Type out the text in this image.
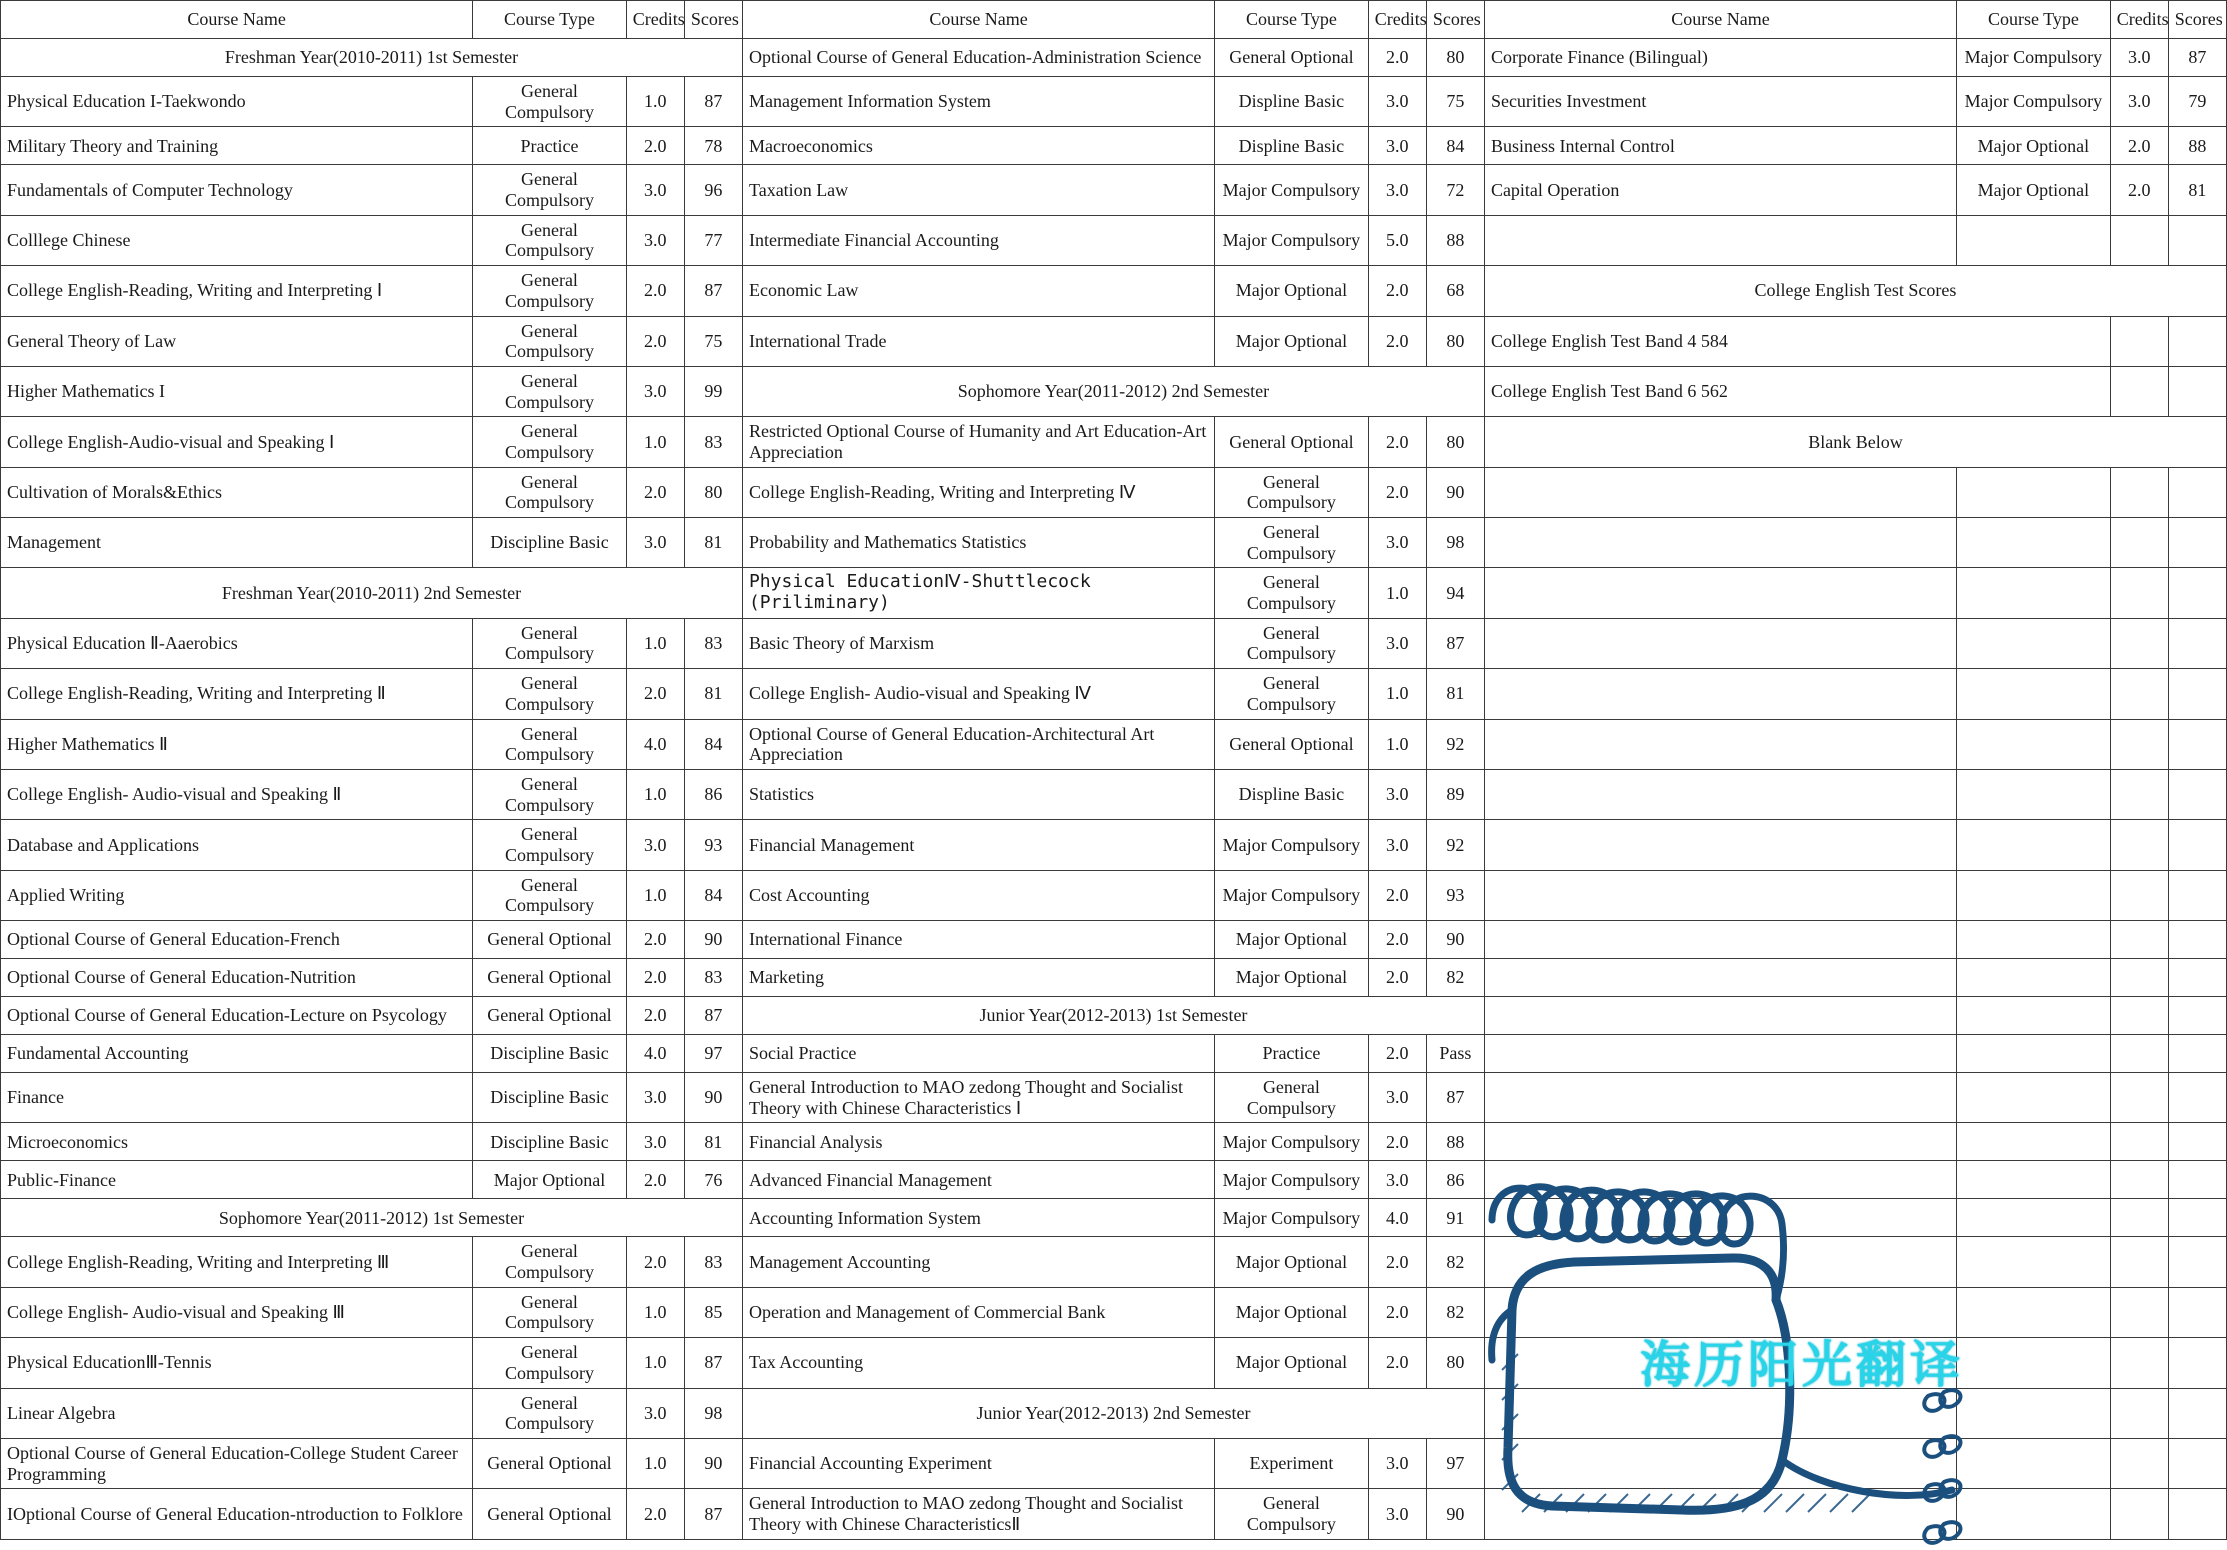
Course Name	Course Type	Credits	Scores	Course Name	Course Type	Credits	Scores	Course Name	Course Type	Credits	Scores
Freshman Year(2010-2011) 1st Semester				Optional Course of General Education-Administration Science	General Optional	2.0	80	Corporate Finance (Bilingual)	Major Compulsory	3.0	87
Physical Education I-Taekwondo	General Compulsory	1.0	87	Management Information System	Displine Basic	3.0	75	Securities Investment	Major Compulsory	3.0	79
Military Theory and Training	Practice	2.0	78	Macroeconomics	Displine Basic	3.0	84	Business Internal Control	Major Optional	2.0	88
Fundamentals of Computer Technology	General Compulsory	3.0	96	Taxation Law	Major Compulsory	3.0	72	Capital Operation	Major Optional	2.0	81
Colllege Chinese	General Compulsory	3.0	77	Intermediate Financial Accounting	Major Compulsory	5.0	88				
College English-Reading, Writing and Interpreting Ⅰ	General Compulsory	2.0	87	Economic Law	Major Optional	2.0	68	College English Test Scores			
General Theory of Law	General Compulsory	2.0	75	International Trade	Major Optional	2.0	80	College English Test Band 4 584			
Higher Mathematics I	General Compulsory	3.0	99	Sophomore Year(2011-2012) 2nd Semester				College English Test Band 6 562			
College English-Audio-visual and Speaking Ⅰ	General Compulsory	1.0	83	Restricted Optional Course of Humanity and Art Education-Art Appreciation	General Optional	2.0	80	Blank Below			
Cultivation of Morals&Ethics	General Compulsory	2.0	80	College English-Reading, Writing and Interpreting Ⅳ	General Compulsory	2.0	90				
Management	Discipline Basic	3.0	81	Probability and Mathematics Statistics	General Compulsory	3.0	98				
Freshman Year(2010-2011) 2nd Semester				Physical EducationⅣ-Shuttlecock (Priliminary)	General Compulsory	1.0	94				
Physical Education Ⅱ-Aaerobics	General Compulsory	1.0	83	Basic Theory of Marxism	General Compulsory	3.0	87				
College English-Reading, Writing and Interpreting Ⅱ	General Compulsory	2.0	81	College English- Audio-visual and Speaking Ⅳ	General Compulsory	1.0	81				
Higher Mathematics Ⅱ	General Compulsory	4.0	84	Optional Course of General Education-Architectural Art Appreciation	General Optional	1.0	92				
College English- Audio-visual and Speaking Ⅱ	General Compulsory	1.0	86	Statistics	Displine Basic	3.0	89				
Database and Applications	General Compulsory	3.0	93	Financial Management	Major Compulsory	3.0	92				
Applied Writing	General Compulsory	1.0	84	Cost Accounting	Major Compulsory	2.0	93				
Optional Course of General Education-French	General Optional	2.0	90	International Finance	Major Optional	2.0	90				
Optional Course of General Education-Nutrition	General Optional	2.0	83	Marketing	Major Optional	2.0	82				
Optional Course of General Education-Lecture on Psycology	General Optional	2.0	87	Junior Year(2012-2013) 1st Semester							
Fundamental Accounting	Discipline Basic	4.0	97	Social Practice	Practice	2.0	Pass				
Finance	Discipline Basic	3.0	90	General Introduction to MAO zedong Thought and Socialist Theory with Chinese Characteristics Ⅰ	General Compulsory	3.0	87				
Microeconomics	Discipline Basic	3.0	81	Financial Analysis	Major Compulsory	2.0	88				
Public-Finance	Major Optional	2.0	76	Advanced Financial Management	Major Compulsory	3.0	86				
Sophomore Year(2011-2012) 1st Semester				Accounting Information System	Major Compulsory	4.0	91				
College English-Reading, Writing and Interpreting Ⅲ	General Compulsory	2.0	83	Management Accounting	Major Optional	2.0	82				
College English- Audio-visual and Speaking Ⅲ	General Compulsory	1.0	85	Operation and Management of Commercial Bank	Major Optional	2.0	82				
Physical EducationⅢ-Tennis	General Compulsory	1.0	87	Tax Accounting	Major Optional	2.0	80				
Linear Algebra	General Compulsory	3.0	98	Junior Year(2012-2013) 2nd Semester							
Optional Course of General Education-College Student Career Programming	General Optional	1.0	90	Financial Accounting Experiment	Experiment	3.0	97				
IOptional Course of General Education-ntroduction to Folklore	General Optional	2.0	87	General Introduction to MAO zedong Thought and Socialist Theory with Chinese CharacteristicsⅡ	General Compulsory	3.0	90				
海历阳光翻译
